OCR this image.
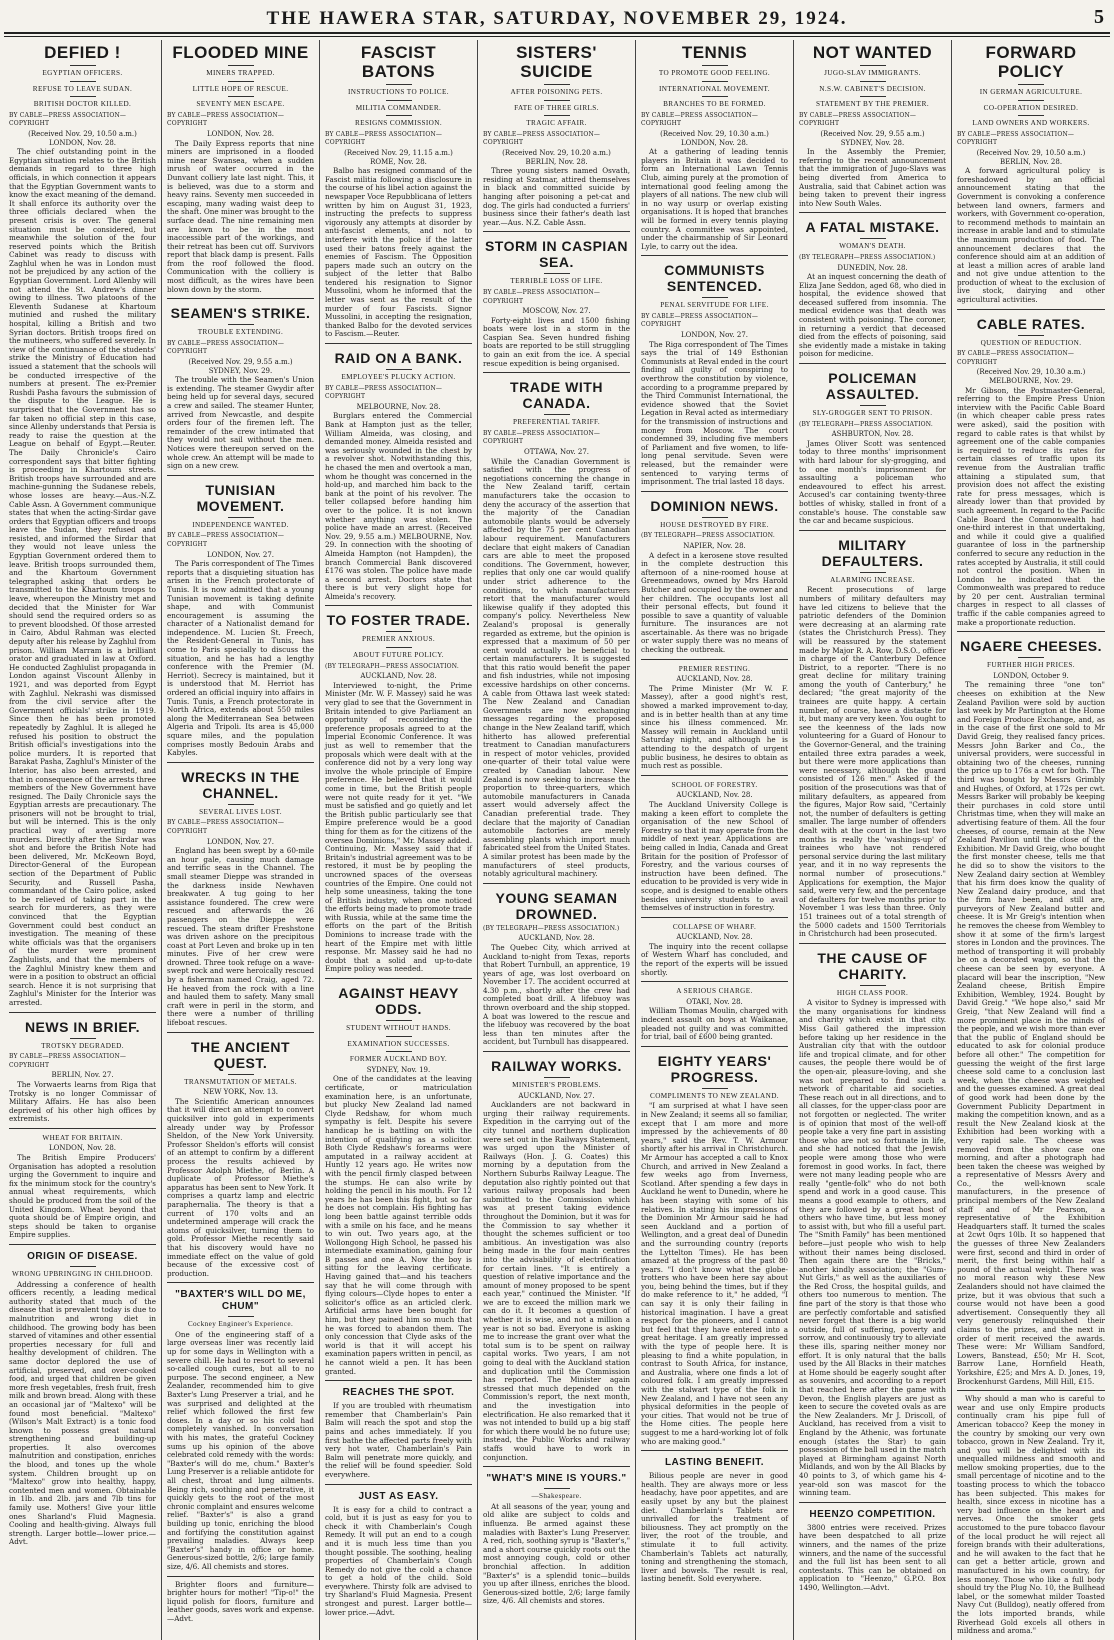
THE HAWERA STAR, SATURDAY, NOVEMBER 29, 1924.	5
DEFIED !
EGYPTIAN OFFICERS.
REFUSE TO LEAVE SUDAN.
BRITISH DOCTOR KILLED.
BY CABLE—PRESS ASSOCIATION—COPYRIGHT
(Received Nov. 29, 10.50 a.m.)
LONDON, Nov. 28.

The chief outstanding point in the Egyptian situation relates to the British demands in regard to three high officials, in which connection it appears that the Egyptian Government wants to know the exact meaning of the demand. It shall enforce its authority over the three officials declared when the present crisis is over. The general situation must be considered, but meanwhile the solution of the four reserved points which the British Cabinet was ready to discuss with Zaghlul when he was in London must not be prejudiced by any action of the Egyptian Government. Lord Allenby will not attend the St. Andrew's dinner owing to illness. Two platoons of the Eleventh Sudanese at Khartoum mutinied and rushed the military hospital, killing a British and two Syrian doctors. British troops fired on the mutineers, who suffered severely. In view of the continuance of the students' strike the Ministry of Education had issued a statement that the schools will be conducted irrespective of the numbers at present. The ex-Premier Rushdi Pasha favours the submission of the dispute to the League. He is surprised that the Government has so far taken no official step in this case, since Allenby understands that Persia is ready to raise the question at the League on behalf of Egypt.—Reuter. The Daily Chronicle's Cairo correspondent says that bitter fighting is proceeding in Khartoum streets. British troops have surrounded and are machine-gunning the Sudanese rebels, whose losses are heavy.—Aus.-N.Z. Cable Assn. A Government communique states that when the acting-Sirdar gave orders that Egyptian officers and troops leave the Sudan, they refused and resisted, and informed the Sirdar that they would not leave unless the Egyptian Government ordered them to leave. British troops surrounded them, and the Khartoum Government telegraphed asking that orders be transmitted to the Khartoum troops to leave, whereupon the Ministry met and decided that the Minister for War should send the required orders so as to prevent bloodshed. Of those arrested in Cairo, Abdul Rahman was elected deputy after his release by Zaghlul from prison. William Marram is a brilliant orator and graduated in law at Oxford. He conducted Zaghlulist propaganda in London against Viscount Allenby in 1921, and was deported from Egypt with Zaghlul. Nekrashi was dismissed from the civil service after the Government officials' strike in 1919. Since then he has been promoted repeatedly by Zaghlul. It is alleged he refused his position to obstruct the British official's investigations into the police murders. It is reported that Barakat Pasha, Zaghlul's Minister of the Interior, has also been arrested, and that in consequence of the arrests three members of the New Government have resigned. The Daily Chronicle says the Egyptian arrests are precautionary. The prisoners will not be brought to trial, but will be interned. This is the only practical way of averting more murders. Directly after the Sirdar was shot and before the British Note had been delivered, Mr. McKeown Boyd, Director-General of the European section of the Department of Public Security, and Russell Pasha, commandant of the Cairo police, asked to be relieved of taking part in the search for murderers, as they were convinced that the Egyptian Government could best conduct an investigation. The meaning of these white officials was that the organisers of the murder were prominent Zaghlulists, and that the members of the Zaghlul Ministry knew them and were in a position to obstruct an official search. Hence it is not surprising that Zaghlul's Minister for the Interior was arrested.

NEWS IN BRIEF.
TROTSKY DEGRADED.
BY CABLE—PRESS ASSOCIATION—COPYRIGHT
BERLIN, Nov. 27.

The Vorwaerts learns from Riga that Trotsky is no longer Commissar of Military Affairs. He has also been deprived of his other high offices by extremists.

WHEAT FOR BRITAIN.
LONDON, Nov. 28.

The British Empire Producers' Organisation has adopted a resolution urging the Government to inquire and fix the minimum stock for the country's annual wheat requirements, which should be produced from the soil of the United Kingdom. Wheat beyond that quota should be of Empire origin, and steps should be taken to organise Empire supplies.

ORIGIN OF DISEASE.
WRONG UPBRINGING IN CHILDHOOD.

Addressing a conference of health officers recently, a leading medical authority stated that much of the disease that is prevalent today is due to malnutrition and wrong diet in childhood. The growing body has been starved of vitamines and other essential properties necessary for full and healthy development of children. The same doctor deplored the use of artificial, preserved, and over-cooked food, and urged that children be given more fresh vegetables, fresh fruit, fresh milk and brown bread. Along with these an occasional jar of "Maltexo" will be found most beneficial. "Maltexo" (Wilson's Malt Extract) is a tonic food known to possess great natural strengthening and building-up properties. It also overcomes malnutrition and constipation, enriches the blood, and tones up the whole system. Children brought up on "Maltexo" grow into healthy, happy, contented men and women. Obtainable in 1lb. and 2lb. jars and 7lb tins for family use. Mothers! Give your little ones Sharland's Fluid Magnesia. Cooling and health-giving. Always full strength. Larger bottle—lower price.—Advt.

FLOODED MINE
MINERS TRAPPED.
LITTLE HOPE OF RESCUE.
SEVENTY MEN ESCAPE.
BY CABLE—PRESS ASSOCIATION—COPYRIGHT
LONDON, Nov. 28.

The Daily Express reports that nine miners are imprisoned in a flooded mine near Swansea, when a sudden inrush of water occurred in the Dunvant colliery late last night. This, it is believed, was due to a storm and heavy rains. Seventy men succeeded in escaping, many wading waist deep to the shaft. One miner was brought to the surface dead. The nine remaining men are known to be in the most inaccessible part of the workings, and their retreat has been cut off. Survivors report that black damp is present. Falls from the roof followed the flood. Communication with the colliery is most difficult, as the wires have been blown down by the storm.

SEAMEN'S STRIKE.
TROUBLE EXTENDING.
BY CABLE—PRESS ASSOCIATION—COPYRIGHT
(Received Nov. 29, 9.55 a.m.)
SYDNEY, Nov. 29.

The trouble with the Seamen's Union is extending. The steamer Gwydir after being held up for several days, secured a crew and sailed. The steamer Hunter, arrived from Newcastle, and despite orders four of the firemen left. The remainder of the crew intimated that they would not sail without the men. Notices were thereupon served on the whole crew. An attempt will be made to sign on a new crew.

TUNISIAN MOVEMENT.
INDEPENDENCE WANTED.
BY CABLE—PRESS ASSOCIATION—COPYRIGHT
LONDON, Nov. 27.

The Paris correspondent of The Times reports that a disquieting situation has arisen in the French protectorate of Tunis. It is now admitted that a young Tunisian movement is taking definite shape, and with Communist encouragement is assuming the character of a Nationalist demand for independence. M. Lucien St. Freech, the Resident-General in Tunis, has come to Paris specially to discuss the situation, and he has had a lengthy conference with the Premier (M. Herriot). Secrecy is maintained, but it is understood that M. Herriot has ordered an official inquiry into affairs in Tunis. Tunis, a French protectorate in North Africa, extends about 550 miles along the Mediterranean Sea between Algeria and Tripoli. Its area is 45,000 square miles, and the population comprises mostly Bedouin Arabs and Kabyles.

WRECKS IN THE CHANNEL.
SEVERAL LIVES LOST.
BY CABLE—PRESS ASSOCIATION—COPYRIGHT
LONDON, Nov. 27.

England has been swept by a 60-mile an hour gale, causing much damage and terrific seas in the Channel. The small steamer Dieppe was stranded in the darkness inside Newhaven breakwater. A tug going to her assistance foundered. The crew were rescued and afterwards the 26 passengers on the Dieppe were rescued. The steam drifter Freshstone was driven ashore on the precipitous coast at Port Leven and broke up in ten minutes. Five of her crew were drowned. Three took refuge on a wave-swept rock and were heroically rescued by a fisherman named Craig, aged 72. He heaved from the rock with a line and hauled them to safety. Many small craft were in peril in the storm, and there were a number of thrilling lifeboat rescues.

THE ANCIENT QUEST.
TRANSMUTATION OF METALS.
NEW YORK, Nov. 13.

The Scientific American announces that it will direct an attempt to convert quicksilver into gold in experiments already under way by Professor Sheldon, of the New York University. Professor Sheldon's efforts will consist of an attempt to confirm by a different process the results achieved by Professor Adolph Miethe, of Berlin. A duplicate of Professor Miethe's apparatus has been sent to New York. It comprises a quartz lamp and electric paraphernalia. The theory is that a current of 170 volts and an undetermined amperage will crack the atoms of quicksilver, turning them to gold. Professor Miethe recently said that his discovery would have no immediate effect on the value of gold because of the excessive cost of production.

"BAXTER'S WILL DO ME, CHUM"
Cockney Engineer's Experience.

One of the engineering staff of a large overseas liner was recently laid up for some days in Wellington with a severe chill. He had to resort to several so-called cough cures, but all to no purpose. The second engineer, a New Zealander, recommended him to give Baxter's Lung Preserver a trial, and he was surprised and delighted at the relief which followed the first few doses. In a day or so his cold had completely vanished. In conversation with his mates, the grateful Cockney sums up his opinion of the above celebrated cold remedy with the words: "Baxter's will do me, chum." Baxter's Lung Preserver is a reliable antidote for all chest, throat and lung ailments. Being rich, soothing and penetrative, it quickly gets to the root of the most chronic complaint and ensures welcome relief. "Baxter's" is also a grand building up tonic, enriching the blood and fortifying the constitution against prevailing maladies. Always keep "Baxter's" handy in office or home. Generous-sized bottle, 2/6; large family size, 4/6. All chemists and stores.

Brighter floors and furniture—brighter hours for mother! "Tip-o!" the liquid polish for floors, furniture and leather goods, saves work and expense.—Advt.

FASCIST BATONS
INSTRUCTIONS TO POLICE.
MILITIA COMMANDER.
RESIGNS COMMISSION.
BY CABLE—PRESS ASSOCIATION—COPYRIGHT
(Received Nov. 29, 11.15 a.m.)
ROME, Nov. 28.

Balbo has resigned command of the Fascist militia following a disclosure in the course of his libel action against the newspaper Voce Repubblicana of letters written by him on August 31, 1923, instructing the prefects to suppress vigorously any attempts at disorder by anti-fascist elements, and not to interfere with the police if the latter used their batons freely against the enemies of Fascism. The Opposition papers made such an outcry on the subject of the letter that Balbo tendered his resignation to Signor Mussolini, whom he informed that the letter was sent as the result of the murder of four Fascists. Signor Mussolini, in accepting the resignation, thanked Balbo for the devoted services to Fascism.—Reuter.

RAID ON A BANK.
EMPLOYEE'S PLUCKY ACTION.
BY CABLE—PRESS ASSOCIATION—COPYRIGHT
MELBOURNE, Nov. 28.

Burglars entered the Commercial Bank at Hampton just as the teller, William Almeida, was closing, and demanded money. Almeida resisted and was seriously wounded in the chest by a revolver shot. Notwithstanding this, he chased the men and overtook a man, whom he thought was concerned in the hold-up, and marched him back to the bank at the point of his revolver. The teller collapsed before handing him over to the police. It is not known whether anything was stolen. The police have made an arrest. (Received Nov. 29, 9.55 a.m.) MELBOURNE, Nov. 29. In connection with the shooting of Almeida Hampton (not Hampden), the branch Commercial Bank discovered £176 was stolen. The police have made a second arrest. Doctors state that there is but very slight hope for Almeida's recovery.

TO FOSTER TRADE.
PREMIER ANXIOUS.
ABOUT FUTURE POLICY.
(BY TELEGRAPH—PRESS ASSOCIATION.
AUCKLAND, Nov. 28.

Interviewed to-night, the Prime Minister (Mr. W. F. Massey) said he was very glad to see that the Government in Britain intended to give Parliament an opportunity of reconsidering the preference proposals agreed to at the Imperial Economic Conference. It was just as well to remember that the proposals which were dealt with at the conference did not by a very long way involve the whole principle of Empire preference. He believed that it would come in time, but the British people were not quite ready for it yet. "We must be satisfied and go quietly and let the British public particularly see that Empire preference would be a good thing for them as for the citizens of the oversea Dominions," Mr. Massey added. Continuing, Mr. Massey said that if Britain's industrial agreement was to be restored, it must be by peopling the uncrowned spaces of the overseas countries of the Empire. One could not help some uneasiness, taking the tone of British industry, when one noticed the efforts being made to promote trade with Russia, while at the same time the efforts on the part of the British Dominions to increase trade with the heart of the Empire met with little response. Mr. Massey said he had no doubt that a solid and up-to-date Empire policy was needed.

AGAINST HEAVY ODDS.
STUDENT WITHOUT HANDS.
EXAMINATION SUCCESSES.
FORMER AUCKLAND BOY.
SYDNEY, Nov. 19.

One of the candidates at the leaving certificate, or matriculation examination here, is an unfortunate, but plucky New Zealand lad named Clyde Redshaw, for whom much sympathy is felt. Despite his severe handicap he is battling on with the intention of qualifying as a solicitor. Both Clyde Redshaw's forearms were amputated in a railway accident at Huntly 12 years ago. He writes now with the pencil firmly clasped between the stumps. He can also write by holding the pencil in his mouth. For 12 years he has been this fight, but so far he does not complain. His fighting has long been battle against terrible odds with a smile on his face, and he means to win out. Two years ago, at the Wollongong High School, he passed his intermediate examination, gaining four B passes and one A. Now the boy is sitting for the leaving certificate. Having gained that—and his teachers say that he will come through with flying colours—Clyde hopes to enter a solicitor's office as an articled clerk. Artificial arms have been bought for him, but they pained him so much that he was forced to abandon them. The only concession that Clyde asks of the world is that it will accept his examination papers written in pencil, as he cannot wield a pen. It has been granted.

REACHES THE SPOT.

If you are troubled with rheumatism remember that Chamberlain's Pain Balm will reach the spot and stop the pains and aches immediately. If you first bathe the affected parts freely with very hot water, Chamberlain's Pain Balm will penetrate more quickly, and the relief will be found speedier. Sold everywhere.

JUST AS EASY.

It is easy for a child to contract a cold, but it is just as easy for you to check it with Chamberlain's Cough Remedy. It will put an end to a cough and it is much less time than you thought possible. The soothing, healing properties of Chamberlain's Cough Remedy do not give the cold a chance to get a hold of the child. Sold everywhere. Thirsty folk are advised to try Sharland's Fluid Magnesia. Present strongest and purest. Larger bottle—lower price.—Advt.

SISTERS' SUICIDE
AFTER POISONING PETS.
FATE OF THREE GIRLS.
TRAGIC AFFAIR.
BY CABLE—PRESS ASSOCIATION—COPYRIGHT
(Received Nov. 29, 10.20 a.m.)
BERLIN, Nov. 28.

Three young sisters named Osvath, residing at Szatmar, attired themselves in black and committed suicide by hanging after poisoning a pet-cat and dog. The girls had conducted a furriers' business since their father's death last year.—Aus. N.Z. Cable Assn.

STORM IN CASPIAN SEA.
TERRIBLE LOSS OF LIFE.
BY CABLE—PRESS ASSOCIATION—COPYRIGHT
MOSCOW, Nov. 27.

Forty-eight lives and 1500 fishing boats were lost in a storm in the Caspian Sea. Seven hundred fishing boats are reported to be still struggling to gain an exit from the ice. A special rescue expedition is being organised.

TRADE WITH CANADA.
PREFERENTIAL TARIFF.
BY CABLE—PRESS ASSOCIATION—COPYRIGHT
OTTAWA, Nov. 27.

While the Canadian Government is satisfied with the progress of negotiations concerning the change in the New Zealand tariff, certain manufacturers take the occasion to deny the accuracy of the assertion that the majority of the Canadian automobile plants would be adversely affected by the 75 per cent Canadian labour requirement. Manufacturers declare that eight makers of Canadian cars are able to meet the proposed conditions. The Government, however, replies that only one car would qualify under strict adherence to the conditions, to which manufacturers retort that the manufacturer would likewise qualify if they adopted this company's policy. Nevertheless New Zealand's proposal is generally regarded as extreme, but the opinion is expressed that a maximum of 50 per cent would actually be beneficial to certain manufacturers. It is suggested that this ratio would benefit the paper and fish industries, while not imposing excessive hardships on other concerns. A cable from Ottawa last week stated: The New Zealand and Canadian Governments are now exchanging messages regarding the proposed change in the New Zealand tariff, which hitherto has allowed preferential treatment to Canadian manufacturers in respect of motor vehicles, provided one-quarter of their total value were created by Canadian labour. New Zealand is now seeking to increase the proportion to three-quarters, which automobile manufacturers in Canada assert would adversely affect the Canadian preferential trade. They declare that the majority of Canadian automobile factories are merely assembling plants which import much fabricated steel from the United States. A similar protest has been made by the manufacturers of steel products, notably agricultural machinery.

YOUNG SEAMAN DROWNED.
(BY TELEGRAPH—PRESS ASSOCIATION.)
AUCKLAND, Nov. 28.

The Quebec City, which arrived at Auckland to-night from Texas, reports that Robert Turnbull, an apprentice, 19 years of age, was lost overboard on November 17. The accident occurred at 4.30 p.m., shortly after the crew had completed boat drill. A lifebuoy was thrown overboard and the ship stopped. A boat was lowered to the rescue and the lifebuoy was recovered by the boat less than ten minutes after the accident, but Turnbull has disappeared.

RAILWAY WORKS.
MINISTER'S PROBLEMS.
AUCKLAND, Nov. 27.

Aucklanders are not backward in urging their railway requirements. Expedition in the carrying out of the city tunnel and northern duplication were set out in the Railways Statement, was urged upon the Minister of Railways (Hon. J. G. Coates) this morning by a deputation from the Northern Suburbs Railway League. The deputation also rightly pointed out that various railway proposals had been submitted to the Commission which was at present taking evidence throughout the Dominion, but it was for the Commission to say whether it thought the schemes sufficient or too ambitious. An investigation was also being made in the four main centres into the advisability of electrification for certain lines. "It is entirely a question of relative importance and the amount of money proposed to be spent each year," continued the Minister. "If we are to exceed the million mark we can do it. It becomes a question of whether it is wise, and not a million a year is not so bad. Everyone is asking me to increase the grant over what the total sum is to be spent on railway capital works. Two years, I am not going to deal with the Auckland station and duplication until the Commission has reported. The Minister again stressed that much depended on the Commission's report, the next month, and the investigation into electrification. He also remarked that it was not intended to build up a big staff for which there would be no future use; instead, the Public Works and railway staffs would have to work in conjunction.

"WHAT'S MINE IS YOURS."
—Shakespeare.

At all seasons of the year, young and old alike are subject to colds and influenza. Be armed against these maladies with Baxter's Lung Preserver. A red, rich, soothing syrup is "Baxter's," and a short course quickly roots out the most annoying cough, cold or other bronchial affection. In addition "Baxter's" is a splendid tonic—builds you up after illness, enriches the blood. Generous-sized bottle, 2/6; large family size, 4/6. All chemists and stores.

TENNIS
TO PROMOTE GOOD FEELING.
INTERNATIONAL MOVEMENT.
BRANCHES TO BE FORMED.
BY CABLE—PRESS ASSOCIATION—COPYRIGHT
(Received Nov. 29, 10.30 a.m.)
LONDON, Nov. 28.

At a gathering of leading tennis players in Britain it was decided to form an International Lawn Tennis Club, aiming purely at the promotion of international good feeling among the players of all nations. The new club will in no way usurp or overlap existing organisations. It is hoped that branches will be formed in every tennis playing country. A committee was appointed, under the chairmanship of Sir Leonard Lyle, to carry out the idea.

COMMUNISTS SENTENCED.
PENAL SERVITUDE FOR LIFE.
BY CABLE—PRESS ASSOCIATION—COPYRIGHT
LONDON, Nov. 27.

The Riga correspondent of The Times says the trial of 149 Esthonian Communists at Reval ended in the court finding all guilty of conspiring to overthrow the constitution by violence, according to a programme prepared by the Third Communist International, the evidence showed that the Soviet Legation in Reval acted as intermediary for the transmission of instructions and money from Moscow. The court condemned 39, including five members of Parliament and five women, to life-long penal servitude. Seven were released, but the remainder were sentenced to varying terms of imprisonment. The trial lasted 18 days.

DOMINION NEWS.
HOUSE DESTROYED BY FIRE.
(BY TELEGRAPH—PRESS ASSOCIATION.
NAPIER, Nov. 28.

A defect in a kerosene stove resulted in the complete destruction this afternoon of a nine-roomed house at Greenmeadows, owned by Mrs Harold Butcher and occupied by the owner and her children. The occupants lost all their personal effects, but found it possible to save a quantity of valuable furniture. The insurances are not ascertainable. As there was no brigade or water supply there was no means of checking the outbreak.

PREMIER RESTING.
AUCKLAND, Nov. 28.

The Prime Minister (Mr W. F. Massey), after a good night's rest, showed a marked improvement to-day, and is in better health than at any time since his illness commenced. Mr. Massey will remain in Auckland until Saturday night, and although he is attending to the despatch of urgent public business, he desires to obtain as much rest as possible.

SCHOOL OF FORESTRY.
AUCKLAND, Nov. 28.

The Auckland University College is making a keen effort to complete the organisation of the new School of Forestry so that it may operate from the middle of next year. Applications are being called in India, Canada and Great Britain for the position of Professor of Forestry, and the various courses of instruction have been defined. The education to be provided is very wide in scope, and is designed to enable others besides university students to avail themselves of instruction in forestry.

COLLAPSE OF WHARF.
AUCKLAND, Nov. 28.

The inquiry into the recent collapse of Western Wharf has concluded, and the report of the experts will be issued shortly.

A SERIOUS CHARGE.
OTAKI, Nov. 28.

William Thomas Moulin, charged with indecent assault on boys at Waikanae, pleaded not guilty and was committed for trial, bail of £600 being granted.

EIGHTY YEARS' PROGRESS.
COMPLIMENTS TO NEW ZEALAND.

"I am surprised at what I have seen in New Zealand; it seems all so familiar, except that I am more and more impressed by the achievements of 80 years," said the Rev. T. W. Armour shortly after his arrival in Christchurch. Mr Armour has accepted a call to Knox Church, and arrived in New Zealand a few weeks ago from Inverness, Scotland. After spending a few days in Auckland he went to Dunedin, where he has been staying with some of his relatives. In stating his impressions of the Dominion Mr Armour said he had seen Auckland and a portion of Wellington, and a great deal of Dunedin and the surrounding country (reports the Lyttelton Times). He has been amazed at the progress of the past 80 years. "I don't know what the globe-trotters who have been here say about you, being behind the times, but if they do make reference to it," he added, "I can say it is only their failing in historical imagination. I have a great respect for the pioneers, and I cannot but feel that they have entered into a great heritage. I am greatly impressed with the type of people here. It is pleasing to find a white population, in contrast to South Africa, for instance, and Australia, where one finds a lot of coloured folk. I am greatly impressed with the stalwart type of the folk in New Zealand, and I have not seen any physical deformities in the people of your cities. That would not be true of the Home cities. The people here suggest to me a hard-working lot of folk who are making good."

LASTING BENEFIT.

Bilious people are never in good health. They are always more or less headachy, have poor appetites, and are easily upset by any but the plainest diet. Chamberlain's Tablets are unrivalled for the treatment of biliousness. They act promptly on the liver, the root of the trouble, and stimulate it to full activity. Chamberlain's Tablets act naturally, toning and strengthening the stomach, liver and bowels. The result is real, lasting benefit. Sold everywhere.

NOT WANTED
JUGO-SLAV IMMIGRANTS.
N.S.W. CABINET'S DECISION.
STATEMENT BY THE PREMIER.
BY CABLE—PRESS ASSOCIATION—COPYRIGHT
(Received Nov. 29, 9.55 a.m.)
SYDNEY, Nov. 28.

In the Assembly the Premier, referring to the recent announcement that the immigration of Jugo-Slavs was being diverted from America to Australia, said that Cabinet action was being taken to prevent their ingress into New South Wales.

A FATAL MISTAKE.
WOMAN'S DEATH.
(BY TELEGRAPH—PRESS ASSOCIATION.)
DUNEDIN, Nov. 28.

At an inquest concerning the death of Eliza Jane Seddon, aged 68, who died in hospital, the evidence showed that deceased suffered from insomnia. The medical evidence was that death was consistent with poisoning. The coroner, in returning a verdict that deceased died from the effects of poisoning, said she evidently made a mistake in taking poison for medicine.

POLICEMAN ASSAULTED.
SLY-GROGGER SENT TO PRISON.
(BY TELEGRAPH—PRESS ASSOCIATION.
ASHBURTON, Nov. 28.

James Oliver Scott was sentenced today to three months' imprisonment with hard labour for sly-grogging, and to one month's imprisonment for assaulting a policeman who endeavoured to effect his arrest. Accused's car containing twenty-three bottles of whisky, stalled in front of a constable's house. The constable saw the car and became suspicious.

MILITARY DEFAULTERS.
ALARMING INCREASE.

Recent prosecutions of large numbers of military defaulters may have led citizens to believe that the patriotic defenders of the Dominion were decreasing at an alarming rate (states the Christchurch Press). They will be reassured by the statement made by Major R. A. Row, D.S.O., officer in charge of the Canterbury Defence District, to a reporter. "There is no great decline for military training among the youth of Canterbury," he declared; "the great majority of the trainees are quite happy. A certain number, of course, have a distaste for it, but many are very keen. You ought to see the keenness of the lads now volunteering for a Guard of Honour to the Governor-General, and the training entailed three extra parades a week, but there were more applications than were necessary, although the guard consisted of 126 men." Asked if the position of the prosecutions was that of military defaulters, as appeared from the figures, Major Row said, "Certainly not, the number of defaulters is getting smaller. The large number of offenders dealt with at the court in the last two months is really the 'washings-up' of trainees who have not rendered personal service during the last military year, and it in no way represents the normal number of prosecutions." Applications for exemption, the Major said, were very few, and the percentage of defaulters for twelve months prior to November 1 was less than three. Only 151 trainees out of a total strength of the 5000 cadets and 1500 Territorials in Christchurch had been prosecuted.

THE CAUSE OF CHARITY.
HIGH CLASS POOR.

A visitor to Sydney is impressed with the many organisations for kindness and charity which exist in that city. Miss Gail gathered the impression before taking up her residence in the Australian city that with the outdoor life and tropical climate, and for other causes, the people there would be of the open-air, pleasure-loving, and she was not prepared to find such a network of charitable aid societies. These reach out in all directions, and to all classes, for the upper-class poor are not forgotten or neglected. The writer is of opinion that most of the well-off people take a very fine part in assisting those who are not so fortunate in life, and she had noticed that the Jewish people were among those who were foremost in good works. In fact, there were not many leading people who are really "gentle-folk" who do not both spend and work in a good cause. This means a good example to others, and they are followed by a great host of others who have time, but less money to assist with, but who fill a useful part. The "Smith Family" has been mentioned before—just people who wish to help without their names being disclosed. Then again there are the "Bricks," another kindly association; the "Gum-Nut Girls," as well as the auxiliaries of the Red Cross, the hospital guilds, and others too numerous to mention. The fine part of the story is that those who are perfectly comfortable and satisfied never forget that there is a big world outside, full of suffering, poverty and sorrow, and continuously try to alleviate these ills, sparing neither money nor effort. It is only natural that the balls used by the All Blacks in their matches at Home should be eagerly sought after as souvenirs, and according to a report that reached here after the game with Devon, the English players are just as keen to secure the coveted ovals as are the New Zealanders. Mr J. Driscoll, of Auckland, has received from a visit to England by the Athenic, was fortunate enough (states the Star) to gain possession of the ball used in the match played at Birmingham against North Midlands, and won by the All Blacks by 40 points to 3, of which game his 4-year-old son was mascot for the winning team.

HEENZO COMPETITION.

3800 entries were received. Prizes have been despatched to all prize winners, and the names of the prize winners, and the name of the successful and the full list has been sent to all contestants. This can be obtained on application to "Heenzo," G.P.O. Box 1490, Wellington.—Advt.

FORWARD POLICY
IN GERMAN AGRICULTURE.
CO-OPERATION DESIRED.
LAND OWNERS AND WORKERS.
BY CABLE—PRESS ASSOCIATION—COPYRIGHT
(Received Nov. 29, 10.50 a.m.)
BERLIN, Nov. 28.

A forward agricultural policy is foreshadowed by an official announcement stating that the Government is convoking a conference between land owners, farmers and workers, with Government co-operation, to recommend methods to maintain an increase in arable land and to stimulate the maximum production of food. The announcement declares that the conference should aim at an addition of at least a million acres of arable land and not give undue attention to the production of wheat to the exclusion of live stock, dairying and other agricultural activities.

CABLE RATES.
QUESTION OF REDUCTION.
BY CABLE—PRESS ASSOCIATION—COPYRIGHT
(Received Nov. 29, 10.30 a.m.)
MELBOURNE, Nov. 29.

Mr Gibson, the Postmaster-General, referring to the Empire Press Union interview with the Pacific Cable Board (in which cheaper cable press rates were asked), said the position with regard to cable rates is that whilst by agreement one of the cable companies is required to reduce its rates for certain classes of traffic upon its revenue from the Australian traffic attaining a stipulated sum, that provision does not affect the existing rate for press messages, which is already lower than that provided by such agreement. In regard to the Pacific Cable Board the Commonwealth had one-third interest in that undertaking, and while it could give a qualified guarantee of loss in the partnership conferred to secure any reduction in the rates accepted by Australia, it still could not control the position. When in London he indicated that the Commonwealth was prepared to reduce by 20 per cent. Australian terminal charges in respect to all classes of traffic if the cable companies agreed to make a proportionate reduction.

NGAERE CHEESES.
FURTHER HIGH PRICES.
LONDON, October 9.

The remaining three "one ton" cheeses on exhibition at the New Zealand Pavilion were sold by auction last week by Mr Partington at the Home and Foreign Produce Exchange, and, as in the case of the first one sold to Mr David Greig, they realised fancy prices. Messrs John Barker and Co., the universal providers, were successful in obtaining two of the cheeses, running the price up to 176s a cwt for both. The third was bought by Messrs Grimbly and Hughes, of Oxford, at 172s per cwt. Messrs Barker will probably be keeping their purchases in cold store until Christmas time, when they will make an advertising feature of them. All the four cheeses, of course, remain at the New Zealand Pavilion until the close of the Exhibition. Mr David Greig, who bought the first monster cheese, tells me that he did so to show the visitors to the New Zealand dairy section at Wembley that his firm does know the quality of New Zealand dairy produce, and that the firm have been, and still are, purveyors of New Zealand butter and cheese. It is Mr Greig's intention when he removes the cheese from Wembley to show it at some of the firm's largest stores in London and the provinces. The method of transporting it will probably be on a decorated wagon, so that the cheese can be seen by everyone. A placard will bear the inscription, "New Zealand cheese, British Empire Exhibition, Wembley, 1924. Bought by David Greig." "We hope also," said Mr Greig, "that New Zealand will find a more prominent place in the minds of the people, and we wish more than ever that the public of England should be educated to ask for colonial produce before all other." The competition for guessing the weight of the first large cheese sold came to a conclusion last week, when the cheese was weighed and the guesses examined. A great deal of good work had been done by the Government Publicity Department in making the competition known, and as a result the New Zealand kiosk at the Exhibition had been working with a very rapid sale. The cheese was removed from the show case one morning, and after a photograph had been taken the cheese was weighed by a representative of Messrs Avery and Co., the well-known scale manufacturers, in the presence of principal members of the New Zealand staff and of Mr Pearson, a representative of the Exhibition Headquarters staff. It turned the scales at 2cwt 0qrs 10lb. It so happened that the guesses of three New Zealanders were first, second and third in order of merit, the first being within half a pound of the actual weight. There was no moral reason why these New Zealanders should not have claimed the prize, but it was obvious that such a course would not have been a good advertisement. Consequently they all very generously relinquished their claims to the prizes, and the next in order of merit received the awards. These were: Mr William Sandford, Lowers, Banstead, £50; Mr H. Scot, Barrow Lane, Hornfield Heath, Yorkshire, £25; and Mrs A. D. Jones, 19, Brockenhurst Gardens, Mill Hill, £15.

Why should a man who is careful to wear and use only Empire products continually cram his pipe full of American tobacco? Keep the money in the country by smoking our very own tobacco, grown in New Zealand. Try it, and you will be delighted with its unequalled mildness and smooth and mellow smoking properties, due to the small percentage of nicotine and to the toasting process to which the tobacco has been subjected. This makes for health, since excess in nicotine has a very bad influence on the heart and nerves. Once the smoker gets accustomed to the pure tobacco flavour of the local product he will reject all foreign brands with their adulterations, and he will awaken to the fact that he can get a better article, grown and manufactured in his own country, for less money. Those who like a full body should try the Plug No. 10, the Bullhead label, or the somewhat milder Toasted Navy Cut (Bulldog), neatly offered from the lots imported brands, while Riverhead Gold excels all others in mildness and aroma."
